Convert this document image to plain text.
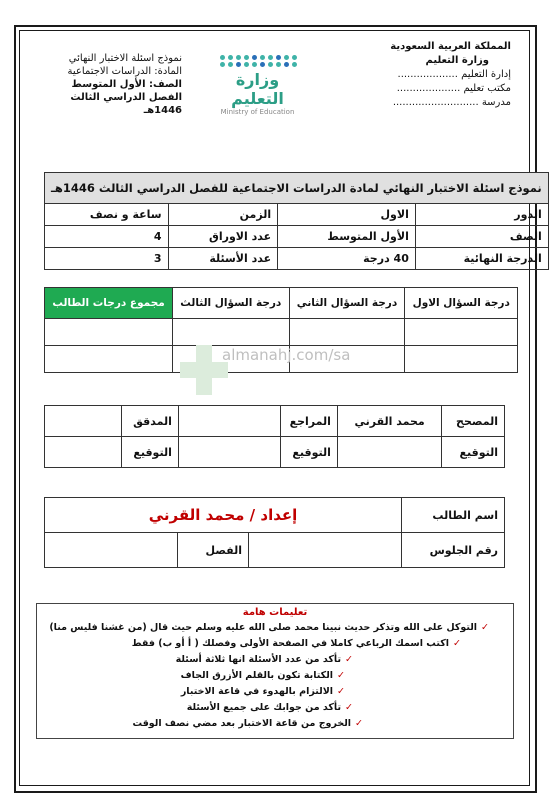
المملكة العربية السعودية
وزارة التعليم
إدارة التعليم ...................
مكتب تعليم ....................
مدرسة ...........................
وزارة التعليم
Ministry of Education
نموذج اسئلة الاختبار النهائي
المادة: الدراسات الاجتماعية
الصف: الأول المتوسط
الفصل الدراسي الثالث
1446هـ
نموذج اسئلة الاختبار النهائي لمادة الدراسات الاجتماعية للفصل الدراسي الثالث 1446هـ			
الدور	الاول	الزمن	ساعة و نصف
الصف	الأول المتوسط	عدد الاوراق	4
الدرجة النهائية	40 درجة	عدد الأسئلة	3
درجة السؤال الاول	درجة السؤال الثاني	درجة السؤال الثالث	مجموع درجات الطالب

almanahj.com/sa
المصحح	محمد القرني	المراجع		المدقق	
التوقيع		التوقيع		التوقيع	
اسم الطالب	إعداد / محمد القرني		
رقم الجلوس		الفصل	
تعليمات هامة
✓التوكل على الله وتذكر حديث نبينا محمد صلى الله عليه وسلم حيث قال (من غشنا فليس منا)
✓اكتب اسمك الرباعي كاملا في الصفحة الأولى وفصلك ( أ أو ب) فقط
✓تأكد من عدد الأسئلة انها ثلاثة أسئلة
✓الكتابة تكون بالقلم الأزرق الجاف
✓الالتزام بالهدوء في قاعة الاختبار
✓تأكد من جوابك على جميع الأسئلة
✓الخروج من قاعة الاختبار بعد مضي نصف الوقت
